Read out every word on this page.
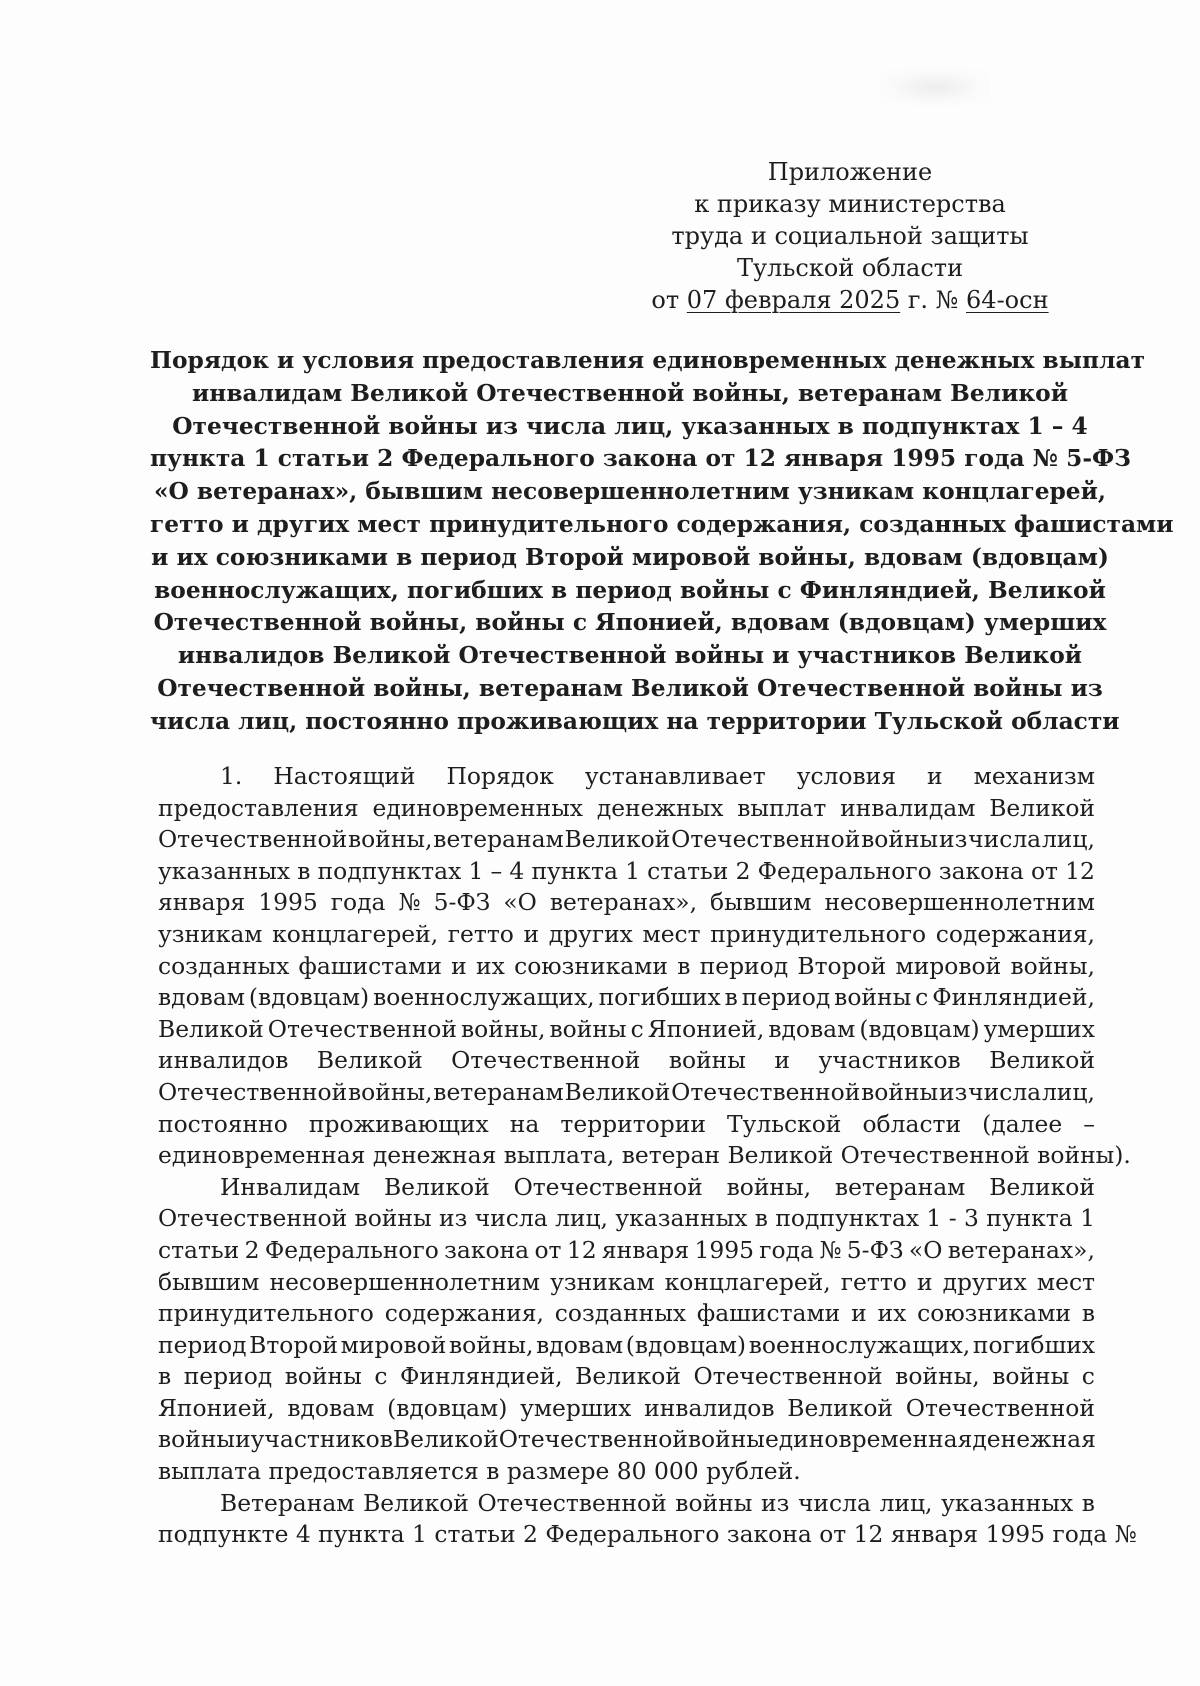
Приложение
к приказу министерства
труда и социальной защиты
Тульской области
от 07 февраля 2025 г. № 64-осн
Порядок и условия предоставления единовременных денежных выплат
инвалидам Великой Отечественной войны, ветеранам Великой
Отечественной войны из числа лиц, указанных в подпунктах 1 – 4
пункта 1 статьи 2 Федерального закона от 12 января 1995 года № 5-ФЗ
«О ветеранах», бывшим несовершеннолетним узникам концлагерей,
гетто и других мест принудительного содержания, созданных фашистами
и их союзниками в период Второй мировой войны, вдовам (вдовцам)
военнослужащих, погибших в период войны с Финляндией, Великой
Отечественной войны, войны с Японией, вдовам (вдовцам) умерших
инвалидов Великой Отечественной войны и участников Великой
Отечественной войны, ветеранам Великой Отечественной войны из
числа лиц, постоянно проживающих на территории Тульской области
1. Настоящий Порядок устанавливает условия и механизм
предоставления единовременных денежных выплат инвалидам Великой
Отечественной войны, ветеранам Великой Отечественной войны из числа лиц,
указанных в подпунктах 1 – 4 пункта 1 статьи 2 Федерального закона от 12
января 1995 года № 5-ФЗ «О ветеранах», бывшим несовершеннолетним
узникам концлагерей, гетто и других мест принудительного содержания,
созданных фашистами и их союзниками в период Второй мировой войны,
вдовам (вдовцам) военнослужащих, погибших в период войны с Финляндией,
Великой Отечественной войны, войны с Японией, вдовам (вдовцам) умерших
инвалидов Великой Отечественной войны и участников Великой
Отечественной войны, ветеранам Великой Отечественной войны из числа лиц,
постоянно проживающих на территории Тульской области (далее –
единовременная денежная выплата, ветеран Великой Отечественной войны).
Инвалидам Великой Отечественной войны, ветеранам Великой
Отечественной войны из числа лиц, указанных в подпунктах 1 - 3 пункта 1
статьи 2 Федерального закона от 12 января 1995 года № 5-ФЗ «О ветеранах»,
бывшим несовершеннолетним узникам концлагерей, гетто и других мест
принудительного содержания, созданных фашистами и их союзниками в
период Второй мировой войны, вдовам (вдовцам) военнослужащих, погибших
в период войны с Финляндией, Великой Отечественной войны, войны с
Японией, вдовам (вдовцам) умерших инвалидов Великой Отечественной
войны и участников Великой Отечественной войны единовременная денежная
выплата предоставляется в размере 80 000 рублей.
Ветеранам Великой Отечественной войны из числа лиц, указанных в
подпункте 4 пункта 1 статьи 2 Федерального закона от 12 января 1995 года №
